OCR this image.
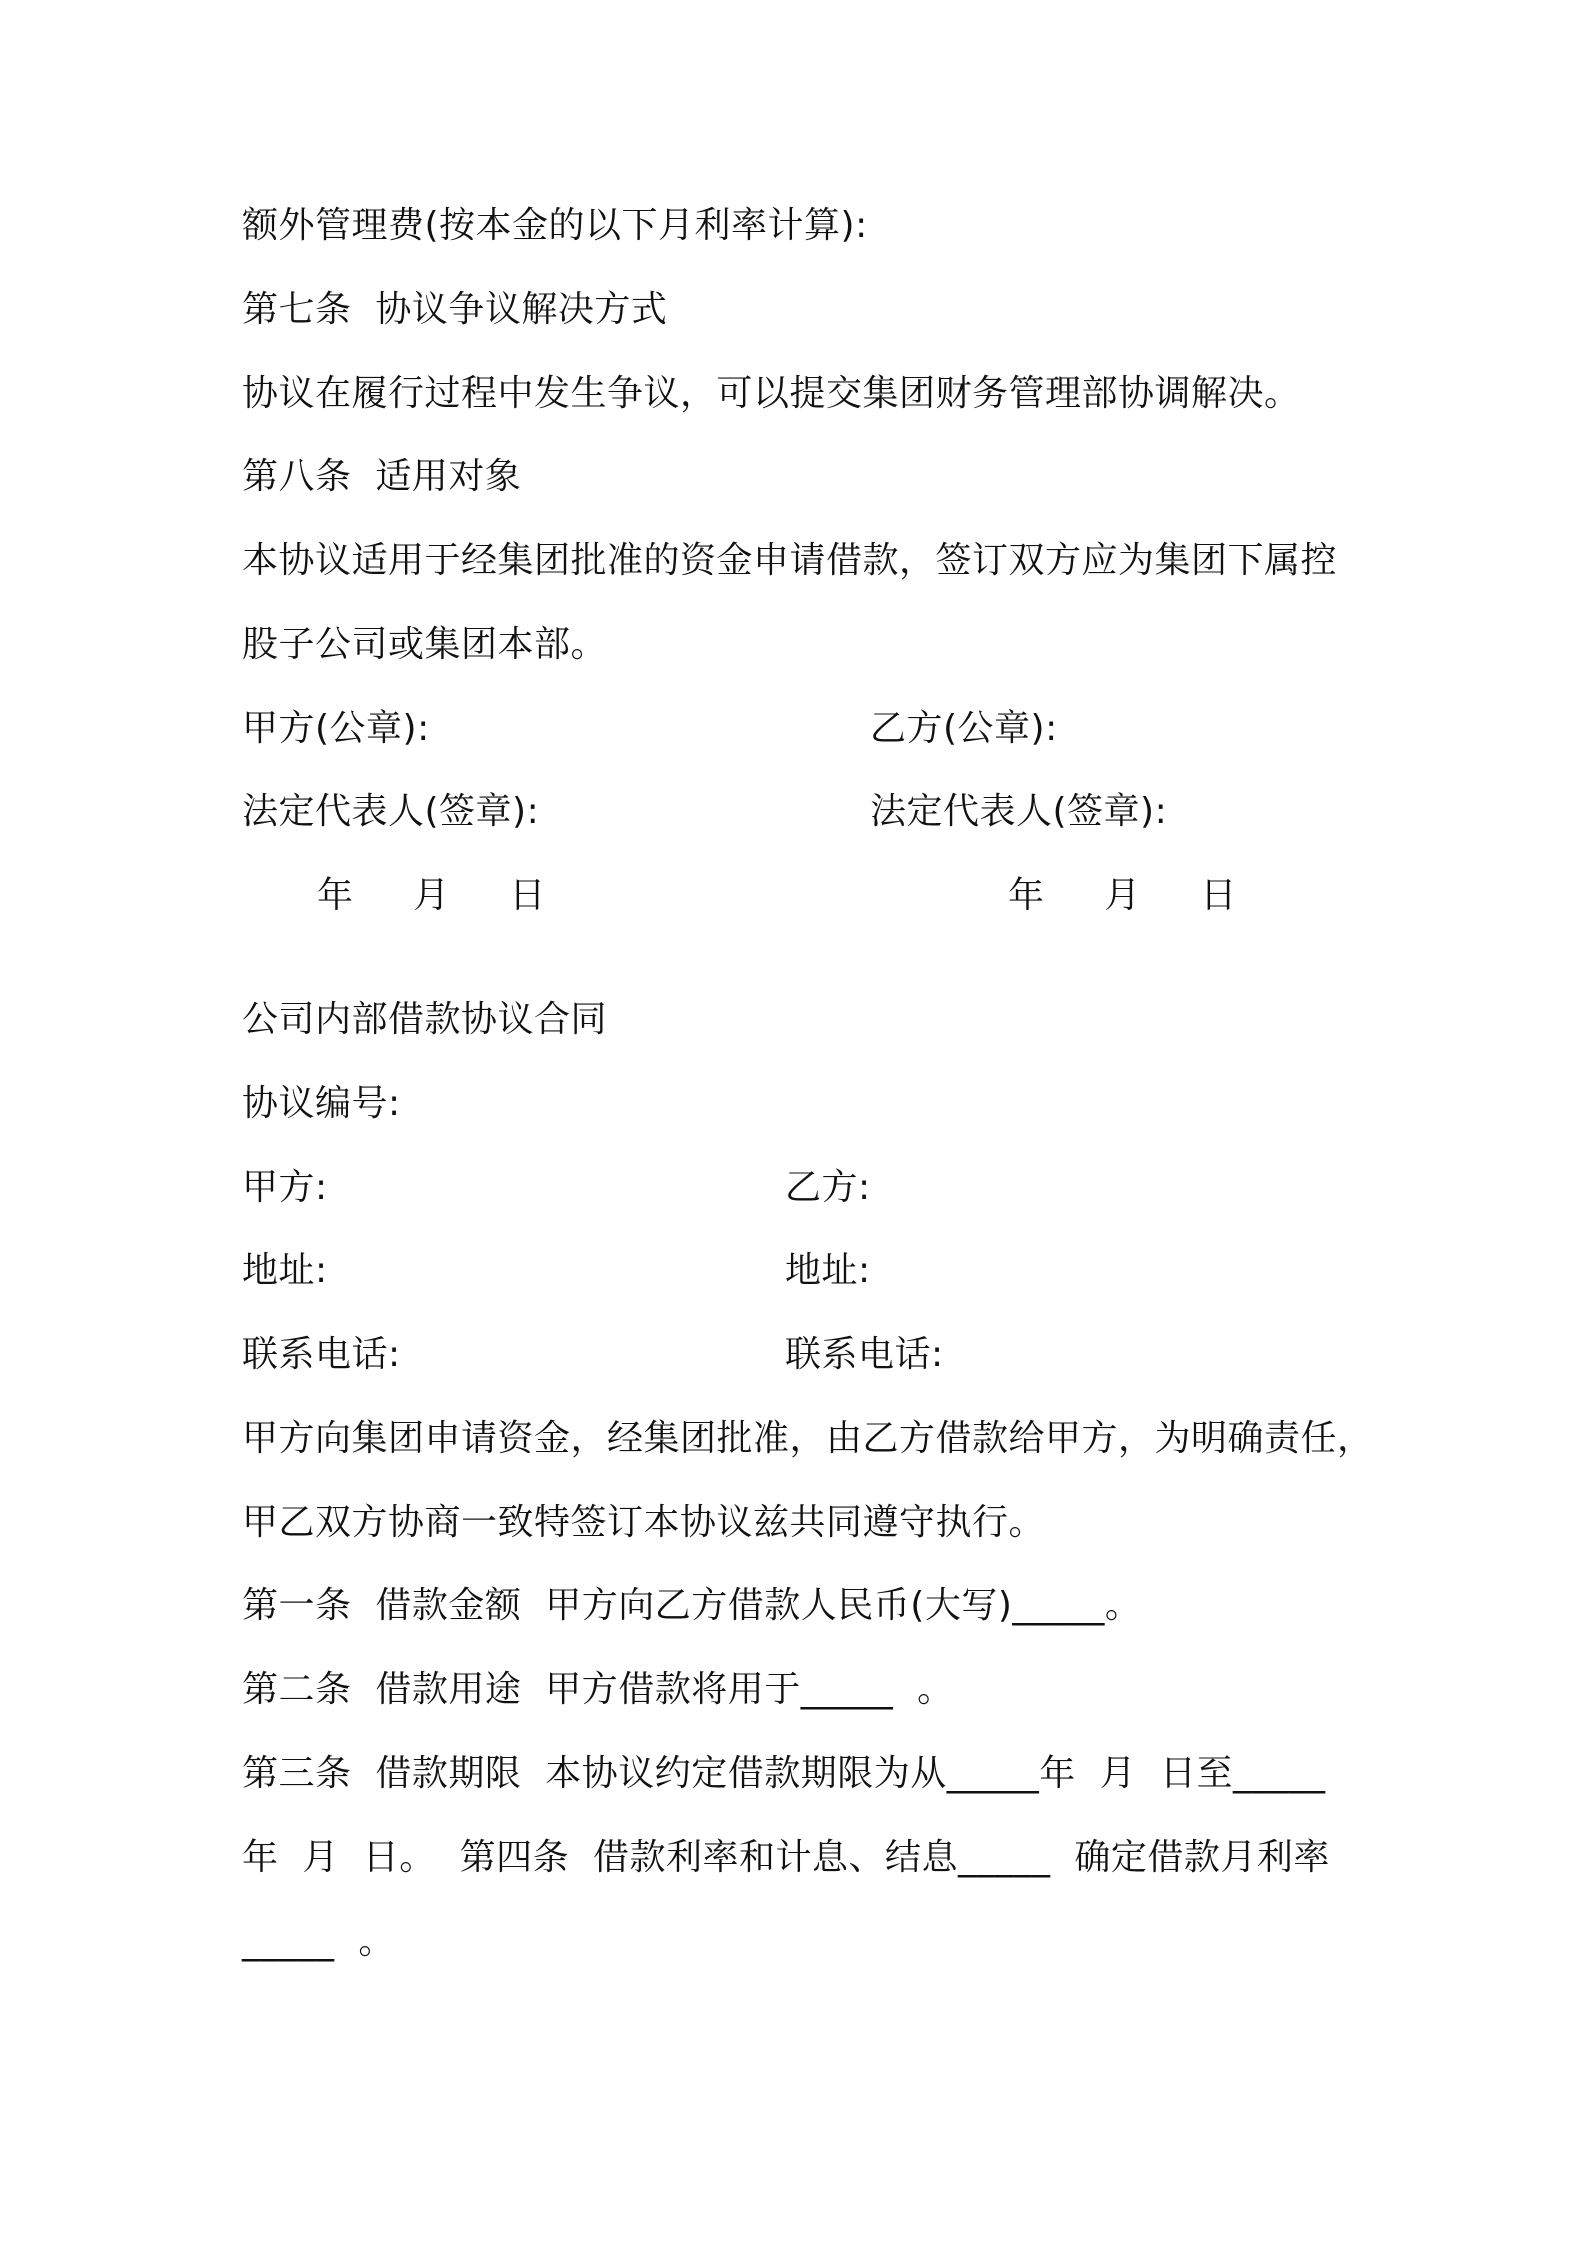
额外管理费(按本金的以下月利率计算):
第七条  协议争议解决方式
协议在履行过程中发生争议，可以提交集团财务管理部协调解决。
第八条  适用对象
本协议适用于经集团批准的资金申请借款，签订双方应为集团下属控
股子公司或集团本部。
甲方(公章):	乙方(公章):
法定代表人(签章):	法定代表人(签章):
年     月     日	年     月     日
公司内部借款协议合同
协议编号:
甲方:	乙方:
地址:	地址:
联系电话:	联系电话:
甲方向集团申请资金，经集团批准，由乙方借款给甲方，为明确责任，
甲乙双方协商一致特签订本协议兹共同遵守执行。
第一条  借款金额  甲方向乙方借款人民币(大写)_____。
第二条  借款用途  甲方借款将用于_____  。
第三条  借款期限  本协议约定借款期限为从_____年  月  日至_____
年  月  日。  第四条  借款利率和计息、结息_____  确定借款月利率
_____  。
